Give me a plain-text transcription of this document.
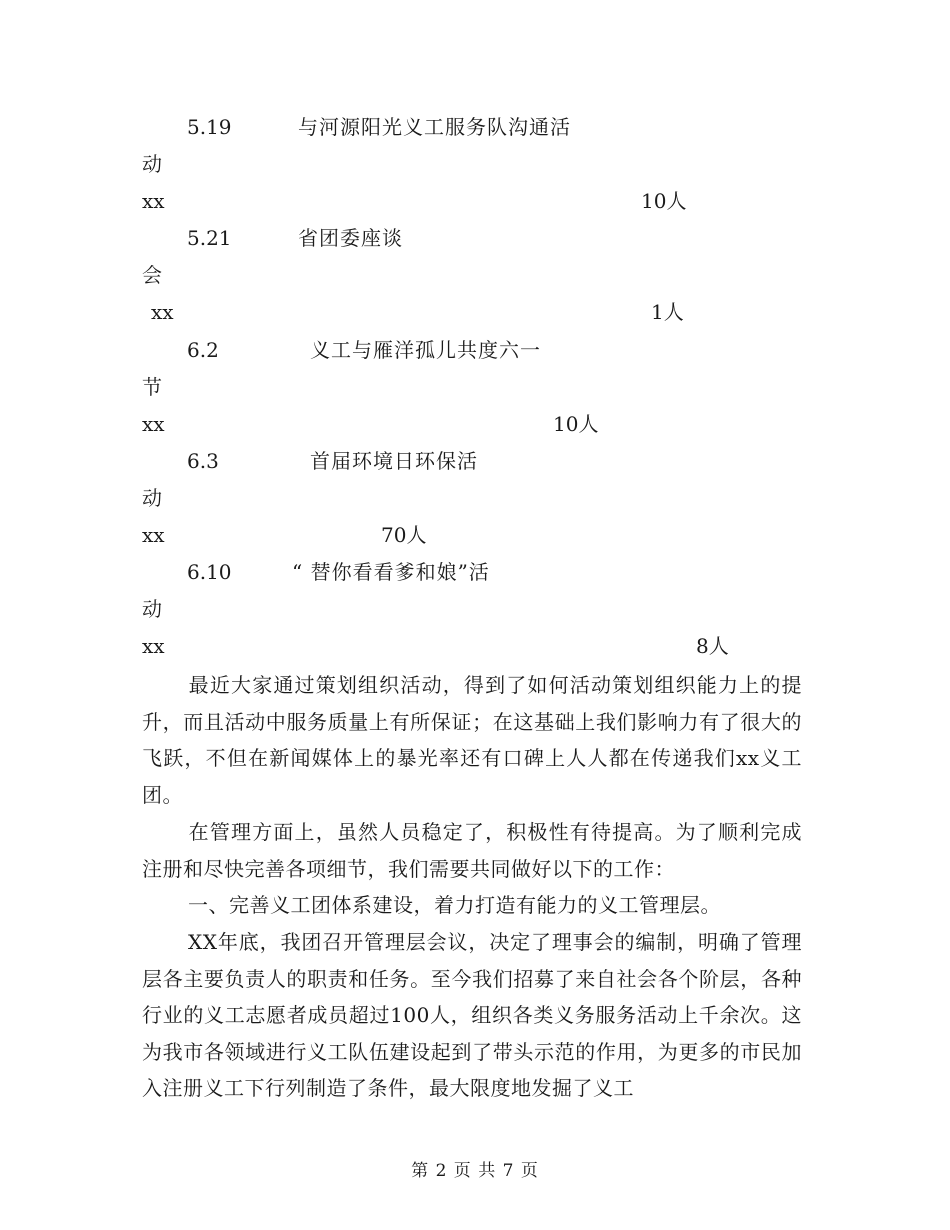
5.19	与河源阳光义工服务队沟通活
动
xx	10人
5.21	省团委座谈
会
xx	1人
6.2	义工与雁洋孤儿共度六一
节
xx	10人
6.3	首届环境日环保活
动
xx	70人
6.10	“ 替你看看爹和娘”活
动
xx	8人
最近大家通过策划组织活动，得到了如何活动策划组织能力上的提升，而且活动中服务质量上有所保证；在这基础上我们影响力有了很大的飞跃，不但在新闻媒体上的暴光率还有口碑上人人都在传递我们xx义工团。
在管理方面上，虽然人员稳定了，积极性有待提高。为了顺利完成注册和尽快完善各项细节，我们需要共同做好以下的工作：
一、完善义工团体系建设，着力打造有能力的义工管理层。
XX年底，我团召开管理层会议，决定了理事会的编制，明确了管理层各主要负责人的职责和任务。至今我们招募了来自社会各个阶层，各种行业的义工志愿者成员超过100人，组织各类义务服务活动上千余次。这为我市各领域进行义工队伍建设起到了带头示范的作用，为更多的市民加入注册义工下行列制造了条件，最大限度地发掘了义工
第 2 页 共 7 页
